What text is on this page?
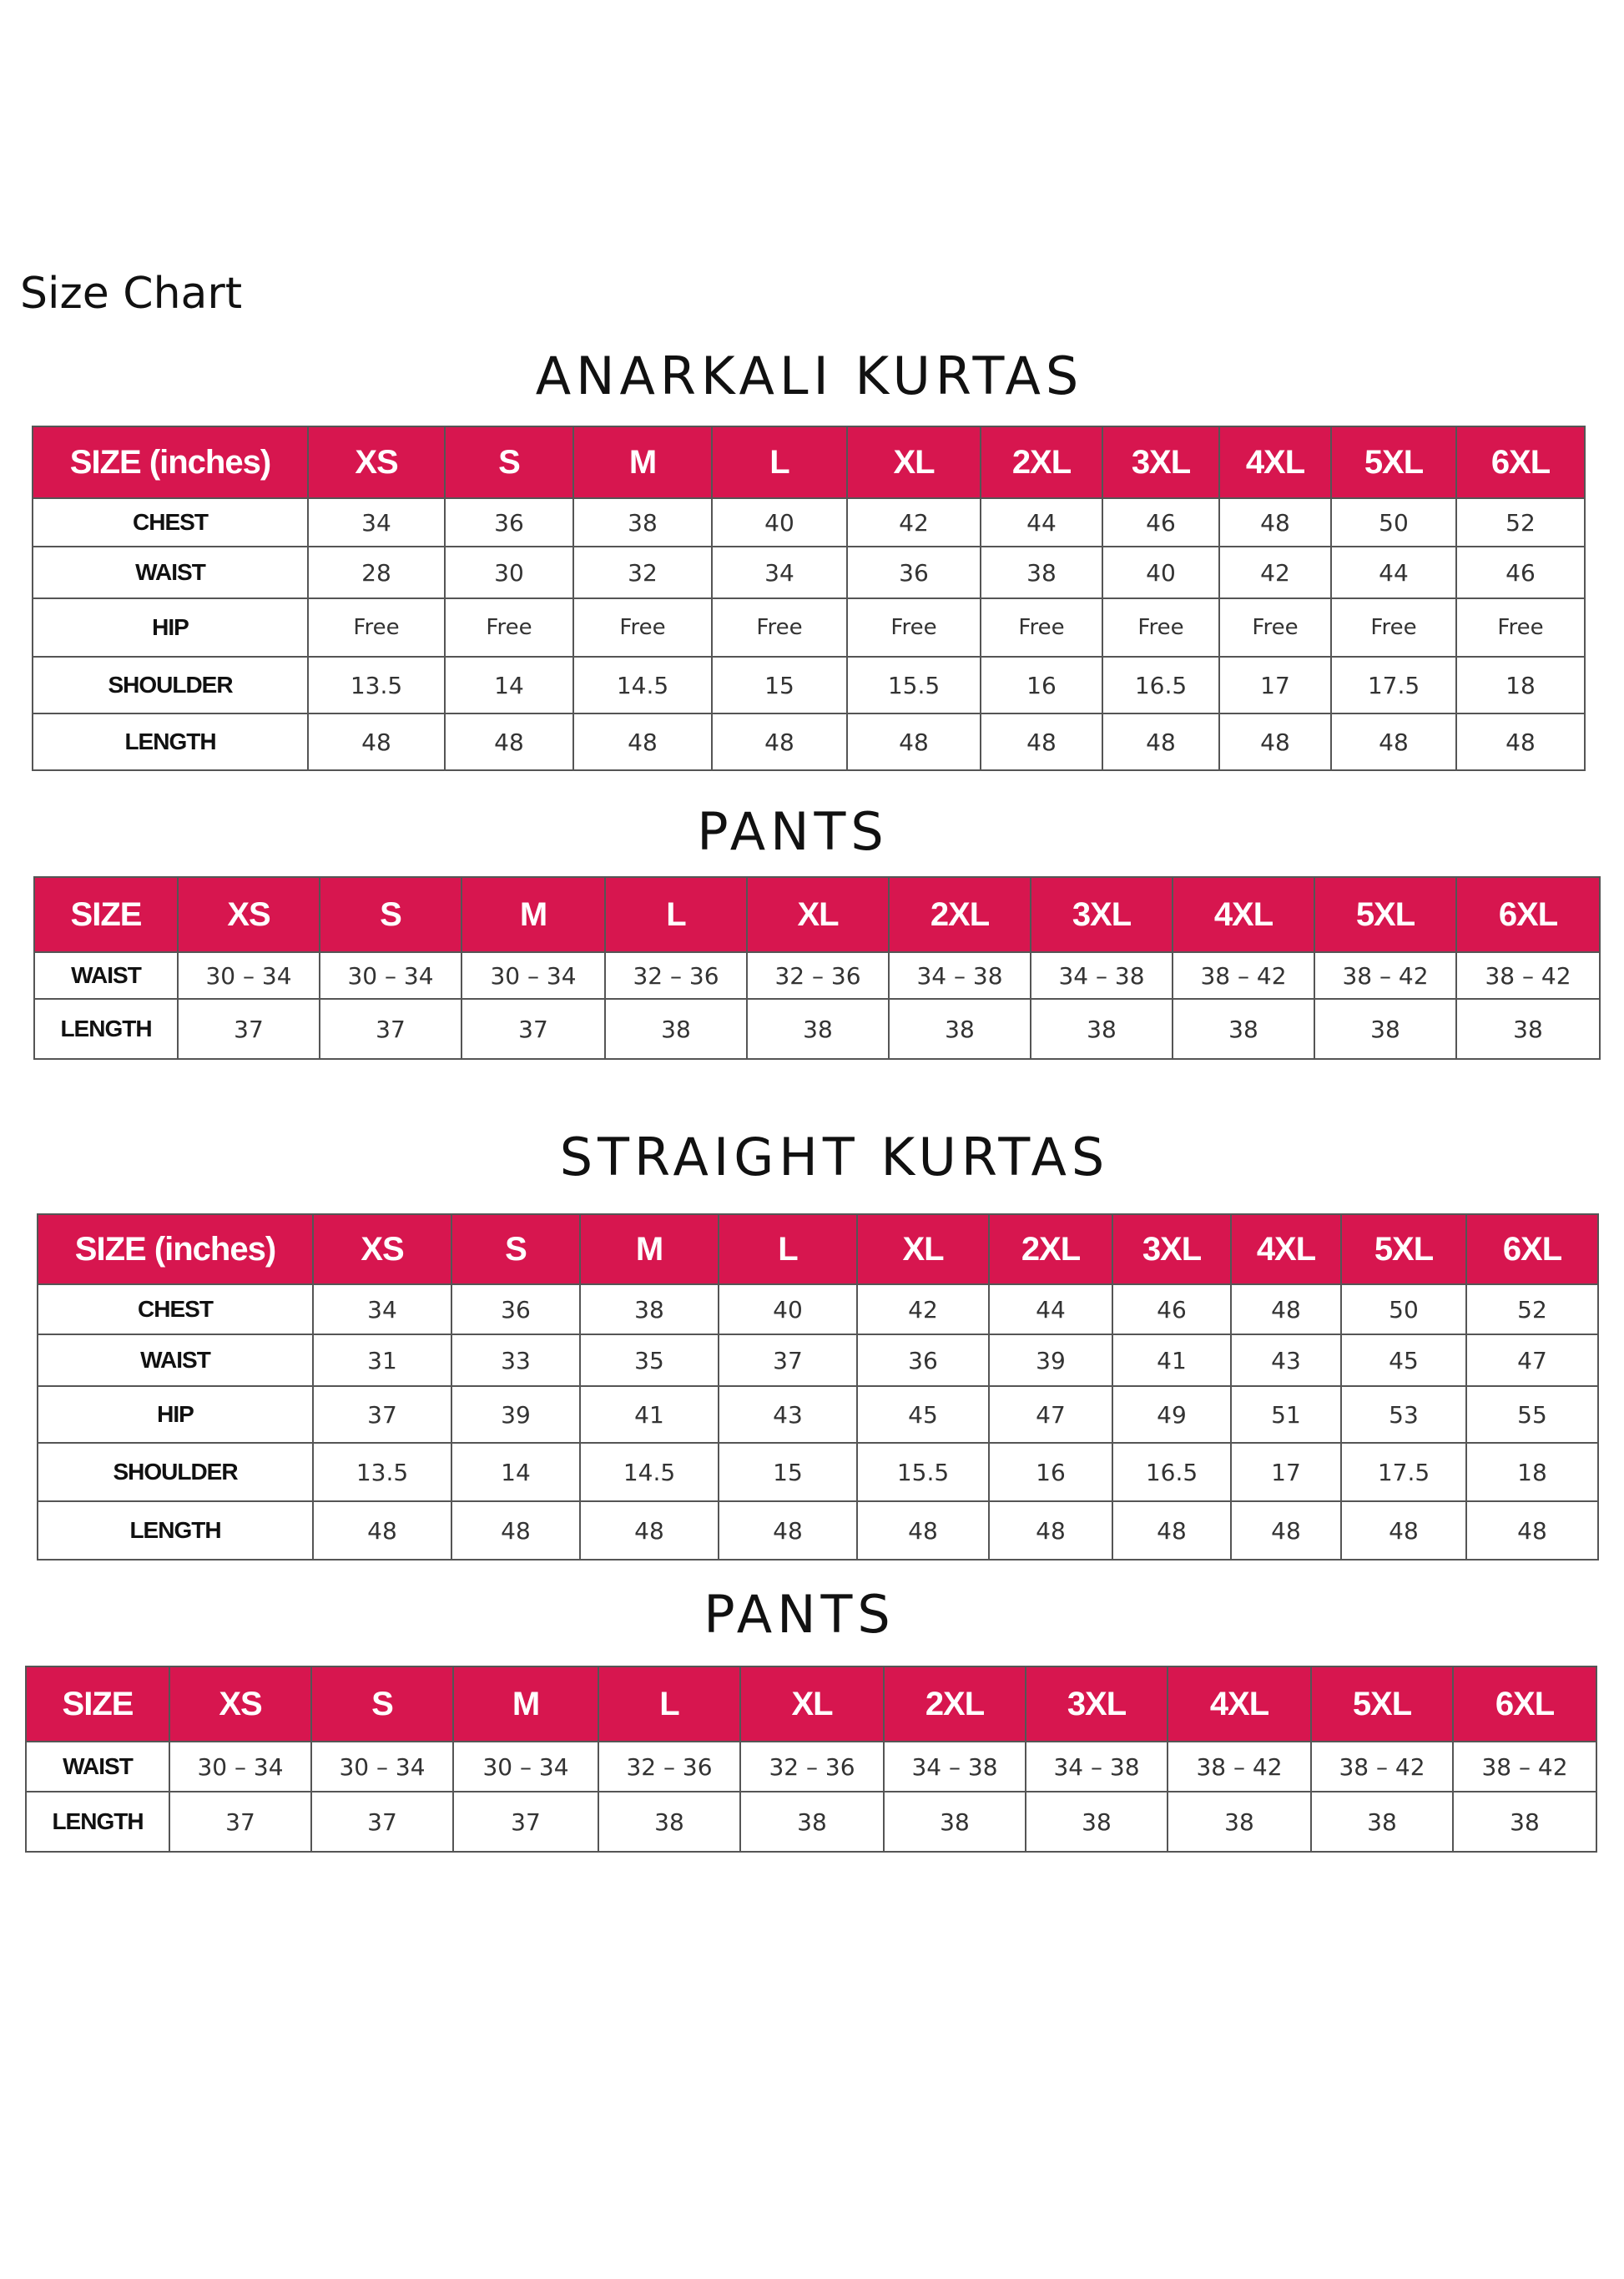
Size Chart
ANARKALI KURTAS
SIZE (inches)	XS	S	M	L	XL	2XL	3XL	4XL	5XL	6XL
CHEST	34	36	38	40	42	44	46	48	50	52
WAIST	28	30	32	34	36	38	40	42	44	46
HIP	Free	Free	Free	Free	Free	Free	Free	Free	Free	Free
SHOULDER	13.5	14	14.5	15	15.5	16	16.5	17	17.5	18
LENGTH	48	48	48	48	48	48	48	48	48	48
PANTS
SIZE	XS	S	M	L	XL	2XL	3XL	4XL	5XL	6XL
WAIST	30 – 34	30 – 34	30 – 34	32 – 36	32 – 36	34 – 38	34 – 38	38 – 42	38 – 42	38 – 42
LENGTH	37	37	37	38	38	38	38	38	38	38
STRAIGHT KURTAS
SIZE (inches)	XS	S	M	L	XL	2XL	3XL	4XL	5XL	6XL
CHEST	34	36	38	40	42	44	46	48	50	52
WAIST	31	33	35	37	36	39	41	43	45	47
HIP	37	39	41	43	45	47	49	51	53	55
SHOULDER	13.5	14	14.5	15	15.5	16	16.5	17	17.5	18
LENGTH	48	48	48	48	48	48	48	48	48	48
PANTS
SIZE	XS	S	M	L	XL	2XL	3XL	4XL	5XL	6XL
WAIST	30 – 34	30 – 34	30 – 34	32 – 36	32 – 36	34 – 38	34 – 38	38 – 42	38 – 42	38 – 42
LENGTH	37	37	37	38	38	38	38	38	38	38
